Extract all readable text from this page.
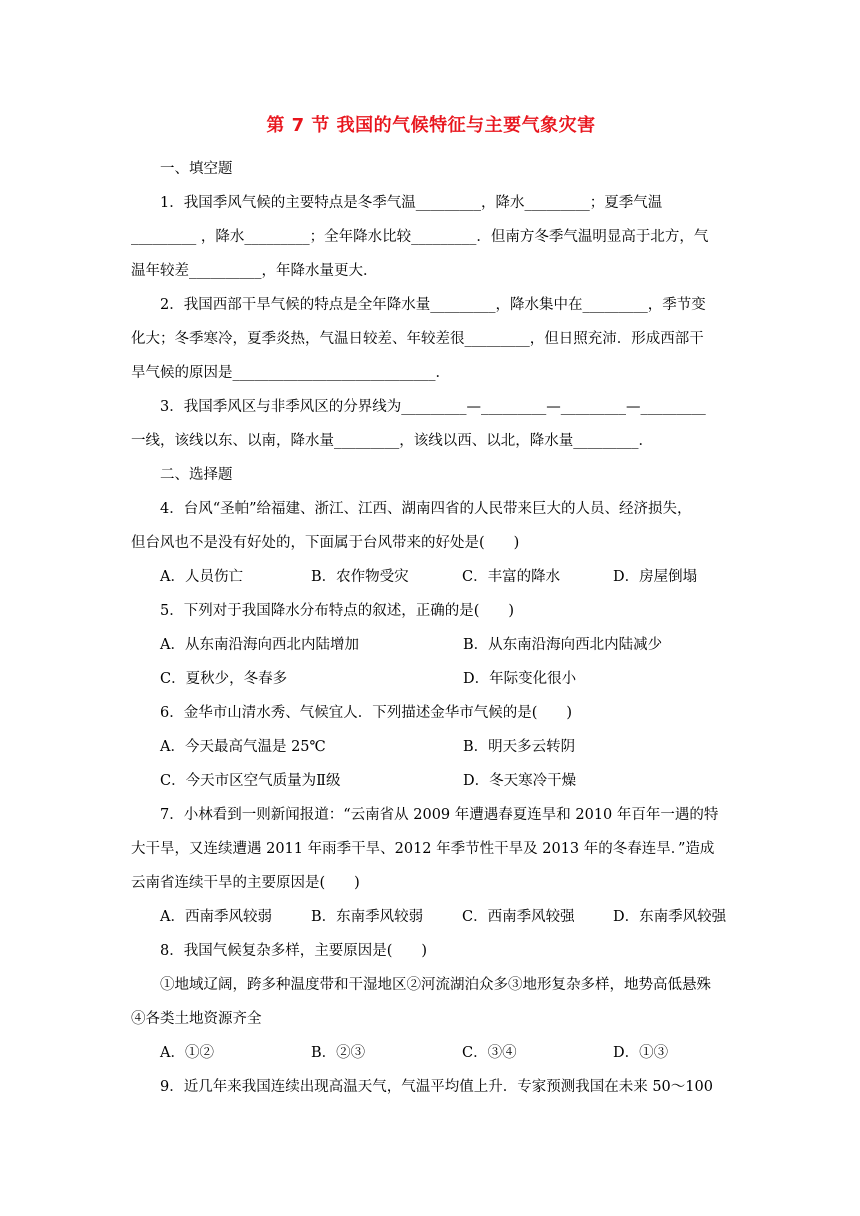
第 7 节 我国的气候特征与主要气象灾害
一、填空题
1．我国季风气候的主要特点是冬季气温_________，降水_________；夏季气温
_________ ，降水_________；全年降水比较_________．但南方冬季气温明显高于北方，气
温年较差__________，年降水量更大．
2．我国西部干旱气候的特点是全年降水量_________，降水集中在_________，季节变
化大；冬季寒冷，夏季炎热，气温日较差、年较差很_________，但日照充沛．形成西部干
旱气候的原因是____________________________．
3．我国季风区与非季风区的分界线为_________—_________—_________—_________
一线，该线以东、以南，降水量_________，该线以西、以北，降水量_________．
二、选择题
4．台风“圣帕”给福建、浙江、江西、湖南四省的人民带来巨大的人员、经济损失，
但台风也不是没有好处的，下面属于台风带来的好处是(　　)
A．人员伤亡	B．农作物受灾	C．丰富的降水	D．房屋倒塌
5．下列对于我国降水分布特点的叙述，正确的是(　　)
A．从东南沿海向西北内陆增加	B．从东南沿海向西北内陆减少
C．夏秋少，冬春多	D．年际变化很小
6．金华市山清水秀、气候宜人．下列描述金华市气候的是(　　)
A．今天最高气温是 25℃	B．明天多云转阴
C．今天市区空气质量为Ⅱ级	D．冬天寒冷干燥
7．小林看到一则新闻报道：“云南省从 2009 年遭遇春夏连旱和 2010 年百年一遇的特
大干旱，又连续遭遇 2011 年雨季干旱、2012 年季节性干旱及 2013 年的冬春连旱．”造成
云南省连续干旱的主要原因是(　　)
A．西南季风较弱	B．东南季风较弱	C．西南季风较强	D．东南季风较强
8．我国气候复杂多样，主要原因是(　　)
①地域辽阔，跨多种温度带和干湿地区②河流湖泊众多③地形复杂多样，地势高低悬殊
④各类土地资源齐全
A．①②	B．②③	C．③④	D．①③
9．近几年来我国连续出现高温天气，气温平均值上升．专家预测我国在未来 50～100
